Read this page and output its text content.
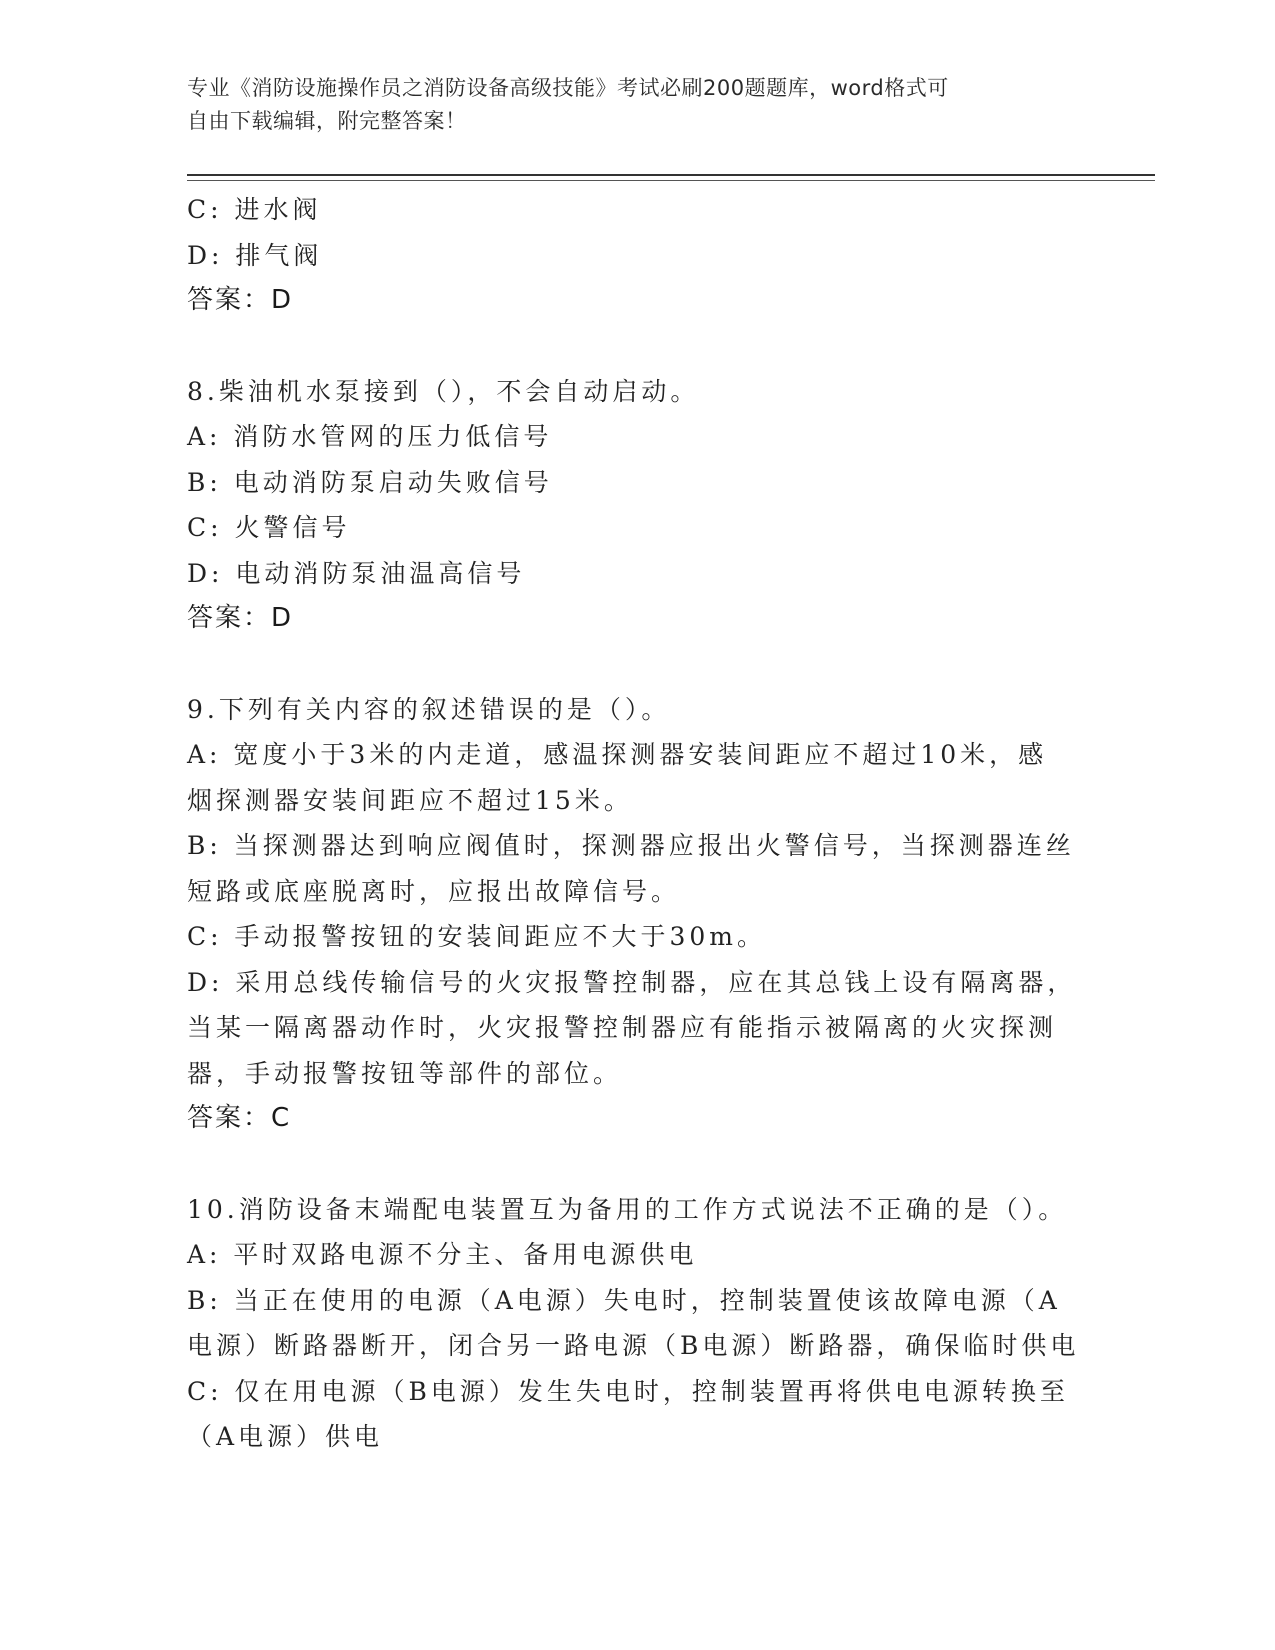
专业《消防设施操作员之消防设备高级技能》考试必刷200题题库，word格式可
自由下载编辑，附完整答案！
C: 进水阀
D: 排气阀
答案：D
8.柴油机水泵接到（），不会自动启动。
A: 消防水管网的压力低信号
B: 电动消防泵启动失败信号
C: 火警信号
D: 电动消防泵油温高信号
答案：D
9.下列有关内容的叙述错误的是（）。
A: 宽度小于3米的内走道，感温探测器安装间距应不超过10米，感
烟探测器安装间距应不超过15米。
B: 当探测器达到响应阀值时，探测器应报出火警信号，当探测器连丝
短路或底座脱离时，应报出故障信号。
C: 手动报警按钮的安装间距应不大于30m。
D: 采用总线传输信号的火灾报警控制器，应在其总钱上设有隔离器，
当某一隔离器动作时，火灾报警控制器应有能指示被隔离的火灾探测
器，手动报警按钮等部件的部位。
答案：C
10.消防设备末端配电装置互为备用的工作方式说法不正确的是（）。
A: 平时双路电源不分主、备用电源供电
B: 当正在使用的电源（A电源）失电时，控制装置使该故障电源（A
电源）断路器断开，闭合另一路电源（B电源）断路器，确保临时供电
C: 仅在用电源（B电源）发生失电时，控制装置再将供电电源转换至
（A电源）供电
